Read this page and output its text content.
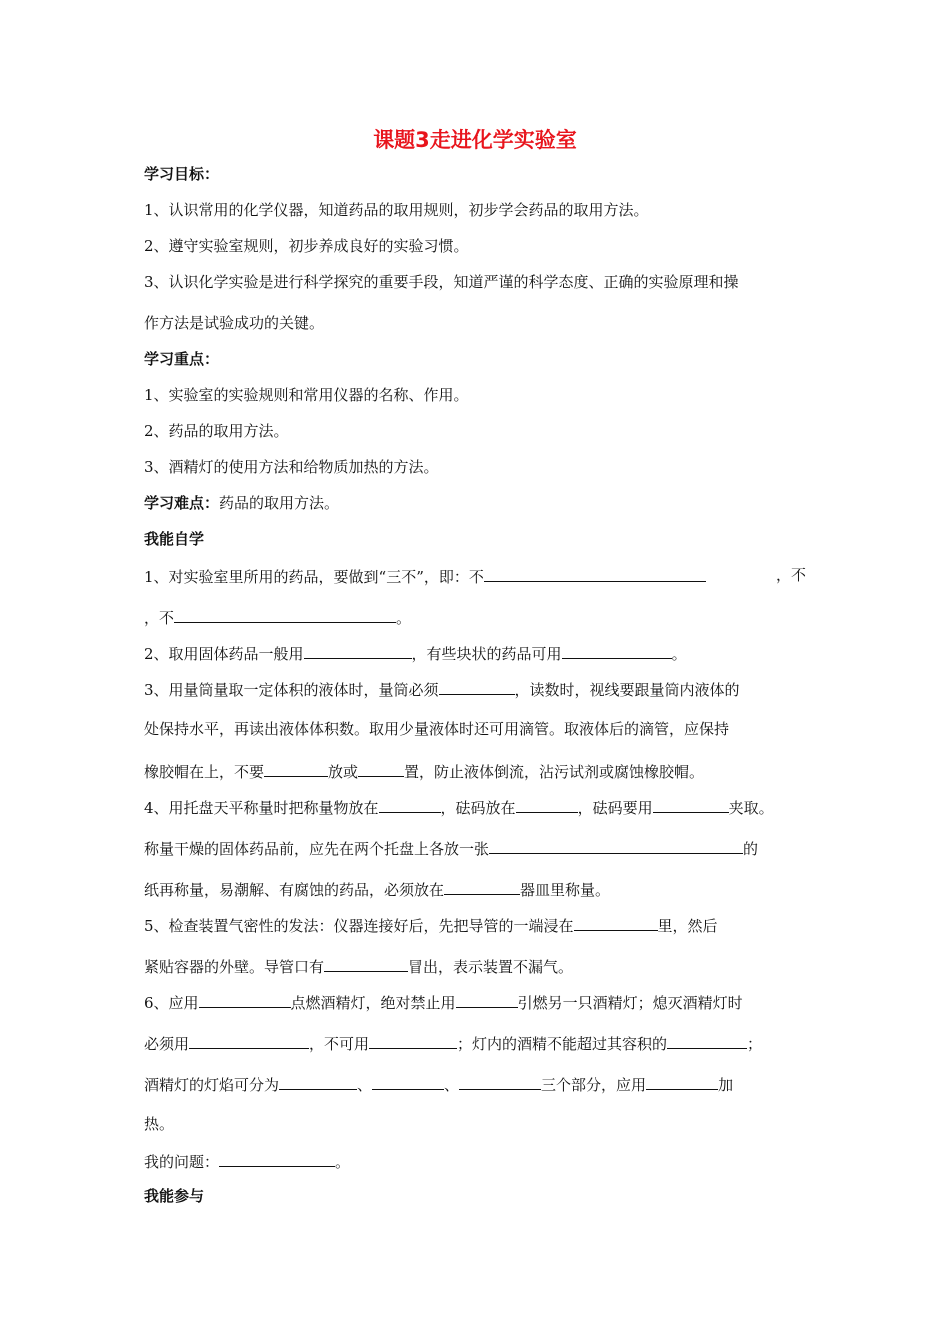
课题3走进化学实验室
学习目标：
1、认识常用的化学仪器，知道药品的取用规则，初步学会药品的取用方法。
2、遵守实验室规则，初步养成良好的实验习惯。
3、认识化学实验是进行科学探究的重要手段，知道严谨的科学态度、正确的实验原理和操
作方法是试验成功的关键。
学习重点：
1、实验室的实验规则和常用仪器的名称、作用。
2、药品的取用方法。
3、酒精灯的使用方法和给物质加热的方法。
学习难点：药品的取用方法。
我能自学
1、对实验室里所用的药品，要做到“三不”，即：不	，不
，不	。
2、取用固体药品一般用	，有些块状的药品可用	。
3、用量筒量取一定体积的液体时，量筒必须	，读数时，视线要跟量筒内液体的
处保持水平，再读出液体体积数。取用少量液体时还可用滴管。取液体后的滴管，应保持
橡胶帽在上，不要	放或	置，防止液体倒流，沾污试剂或腐蚀橡胶帽。
4、用托盘天平称量时把称量物放在	，砝码放在	，砝码要用	夹取。
称量干燥的固体药品前，应先在两个托盘上各放一张	的
纸再称量，易潮解、有腐蚀的药品，必须放在	器皿里称量。
5、检查装置气密性的发法：仪器连接好后，先把导管的一端浸在	里，然后
紧贴容器的外壁。导管口有	冒出，表示装置不漏气。
6、应用	点燃酒精灯，绝对禁止用	引燃另一只酒精灯；熄灭酒精灯时
必须用	，不可用	；灯内的酒精不能超过其容积的	；
酒精灯的灯焰可分为	、	、	三个部分，应用	加
热。
我的问题：	。
我能参与
